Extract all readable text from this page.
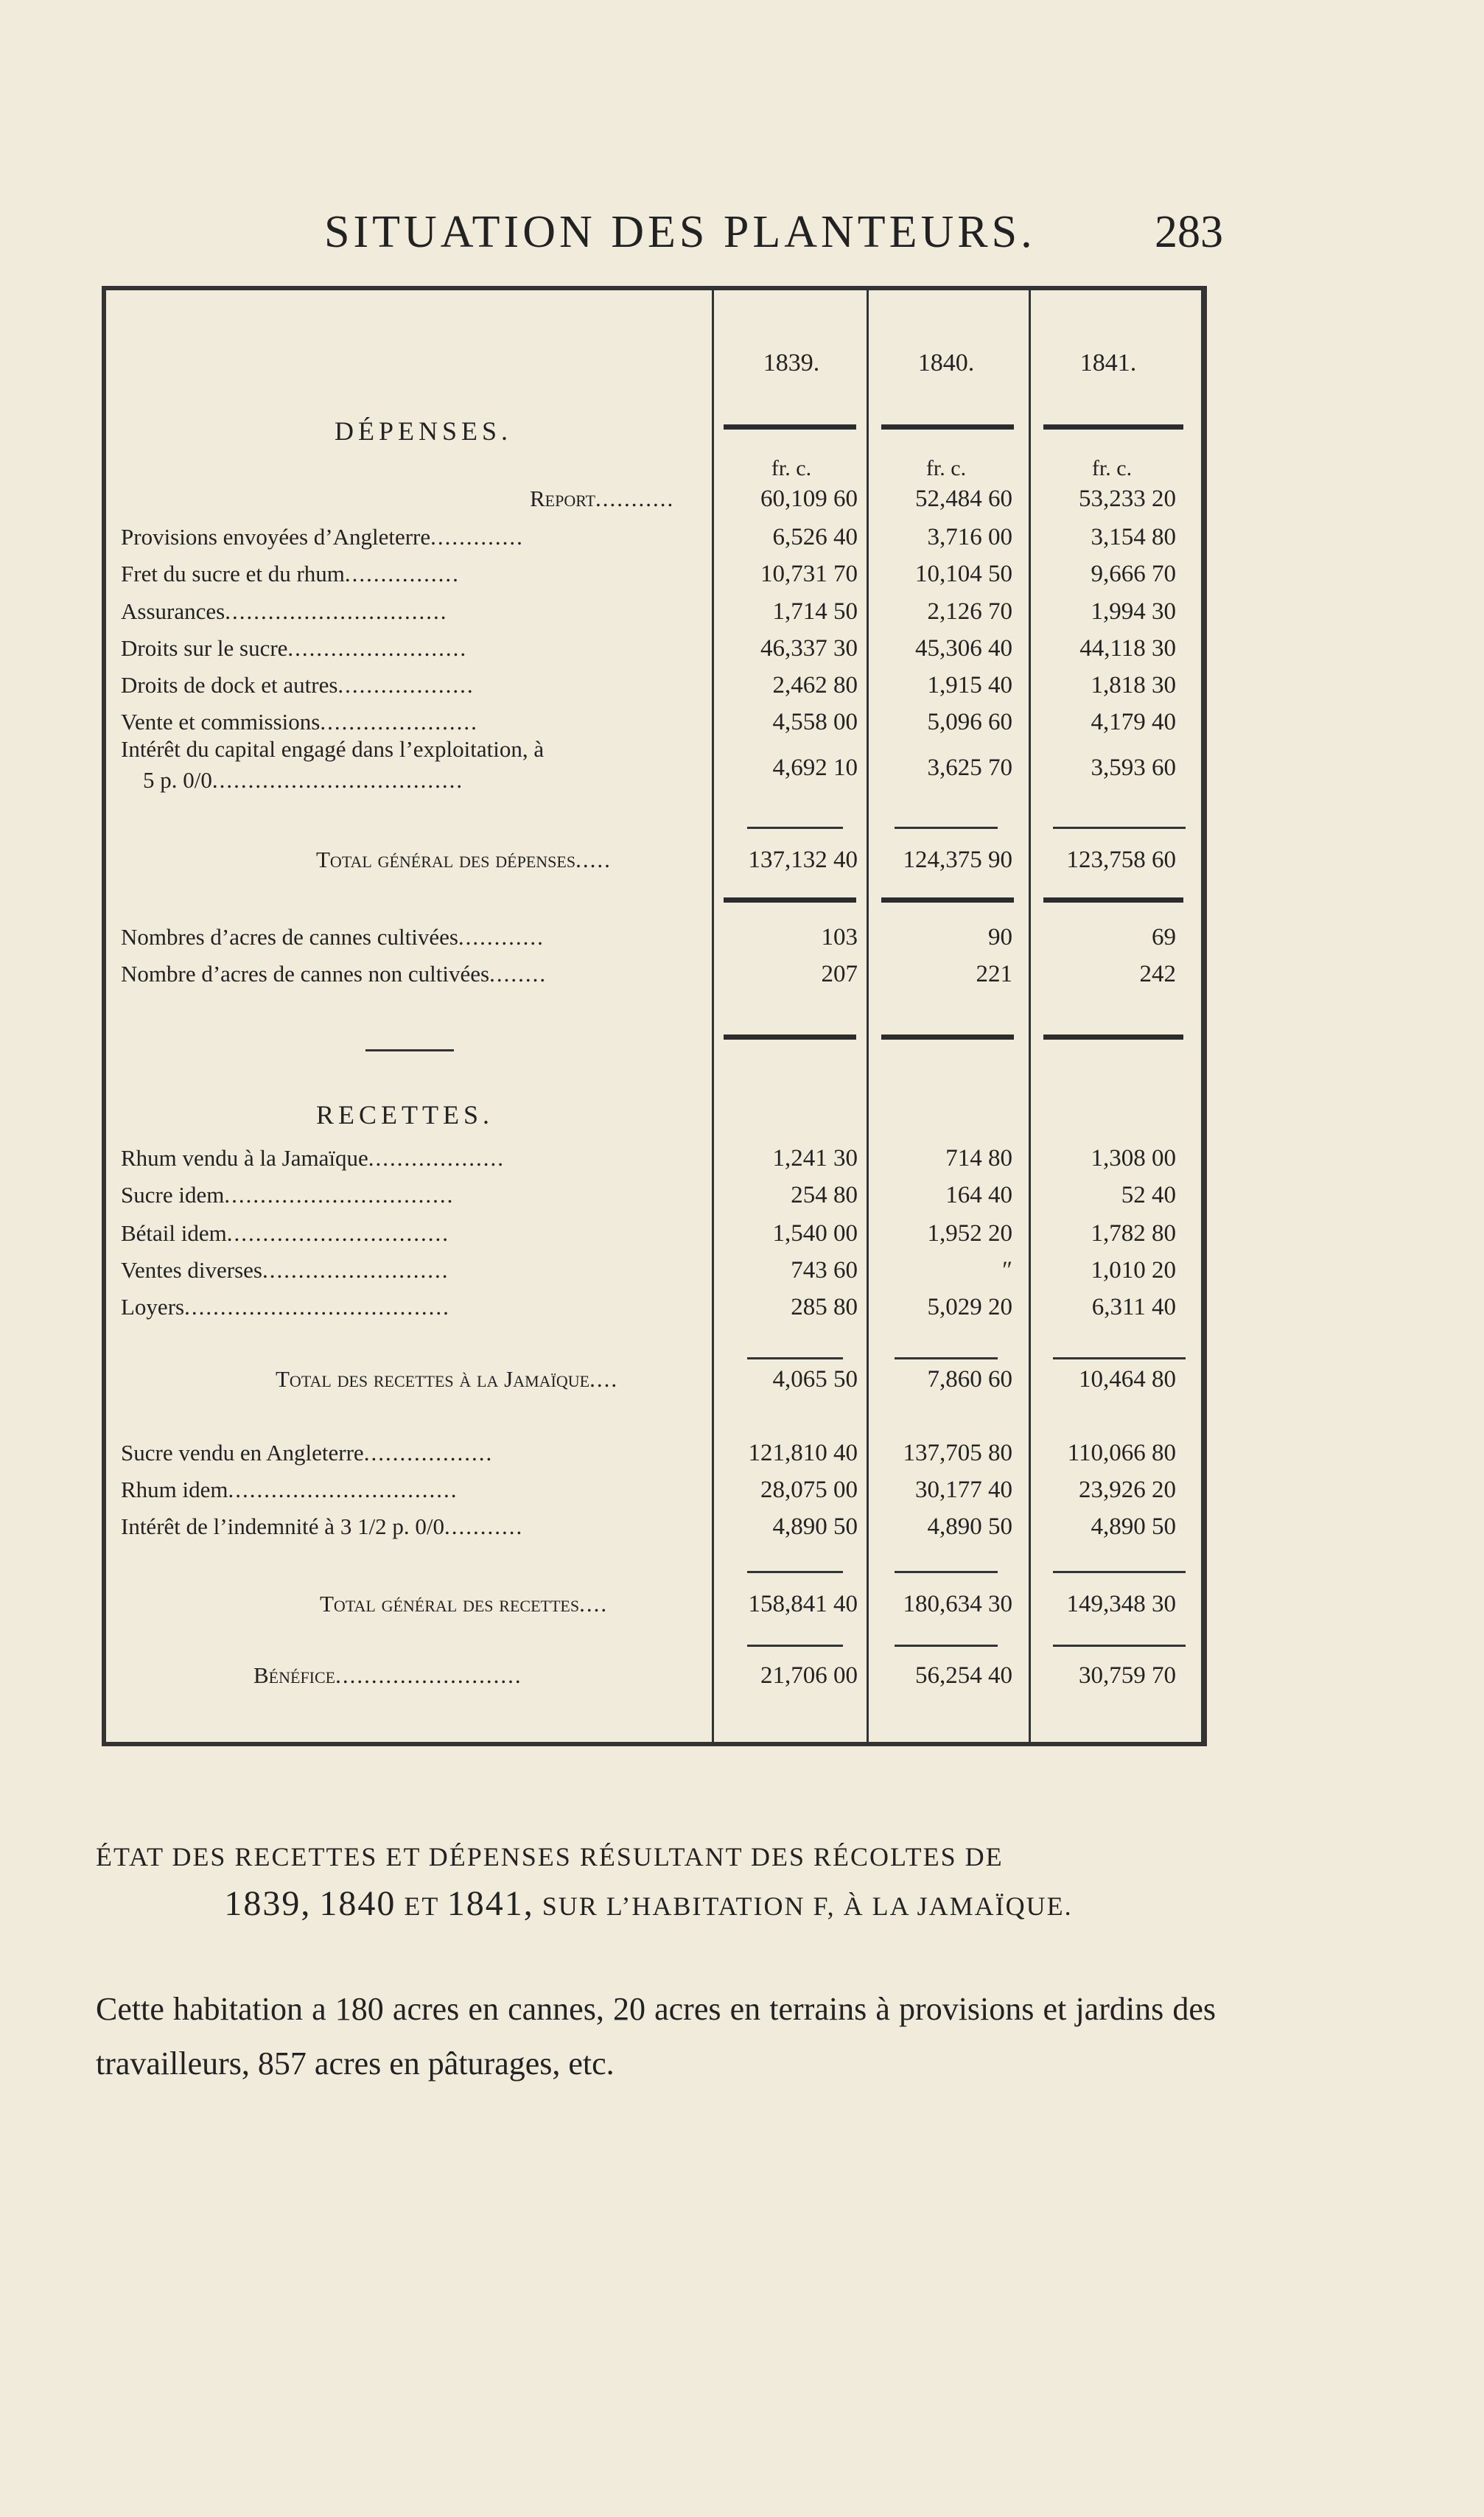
SITUATION DES PLANTEURS.	283
1839.	1840.	1841.
DÉPENSES.
fr. c.	fr. c.	fr. c.
RECETTES.
Report...........	60,109 60	52,484 60	53,233 20
Provisions envoyées d’Angleterre.............	6,526 40	3,716 00	3,154 80
Fret du sucre et du rhum................	10,731 70	10,104 50	9,666 70
Assurances...............................	1,714 50	2,126 70	1,994 30
Droits sur le sucre.........................	46,337 30	45,306 40	44,118 30
Droits de dock et autres...................	2,462 80	1,915 40	1,818 30
Vente et commissions......................	4,558 00	5,096 60	4,179 40
Intérêt du capital engagé dans l’exploitation, à
5 p. 0/0...................................	4,692 10	3,625 70	3,593 60
Total général des dépenses.....	137,132 40	124,375 90	123,758 60
Nombres d’acres de cannes cultivées............	103	90	69
Nombre d’acres de cannes non cultivées........	207	221	242
Rhum vendu à la Jamaïque...................	1,241 30	714 80	1,308 00
Sucre idem................................	254 80	164 40	52 40
Bétail idem...............................	1,540 00	1,952 20	1,782 80
Ventes diverses..........................	743 60	″	1,010 20
Loyers.....................................	285 80	5,029 20	6,311 40
Total des recettes à la Jamaïque....	4,065 50	7,860 60	10,464 80
Sucre vendu en Angleterre..................	121,810 40	137,705 80	110,066 80
Rhum idem................................	28,075 00	30,177 40	23,926 20
Intérêt de l’indemnité à 3 1/2 p. 0/0...........	4,890 50	4,890 50	4,890 50
Total général des recettes....	158,841 40	180,634 30	149,348 30
Bénéfice..........................	21,706 00	56,254 40	30,759 70
ÉTAT DES RECETTES ET DÉPENSES RÉSULTANT DES RÉCOLTES DE
1839, 1840 ET 1841, SUR L’HABITATION F, À LA JAMAÏQUE.
Cette habitation a 180 acres en cannes, 20 acres en terrains à provisions et jardins des travailleurs, 857 acres en pâturages, etc.
